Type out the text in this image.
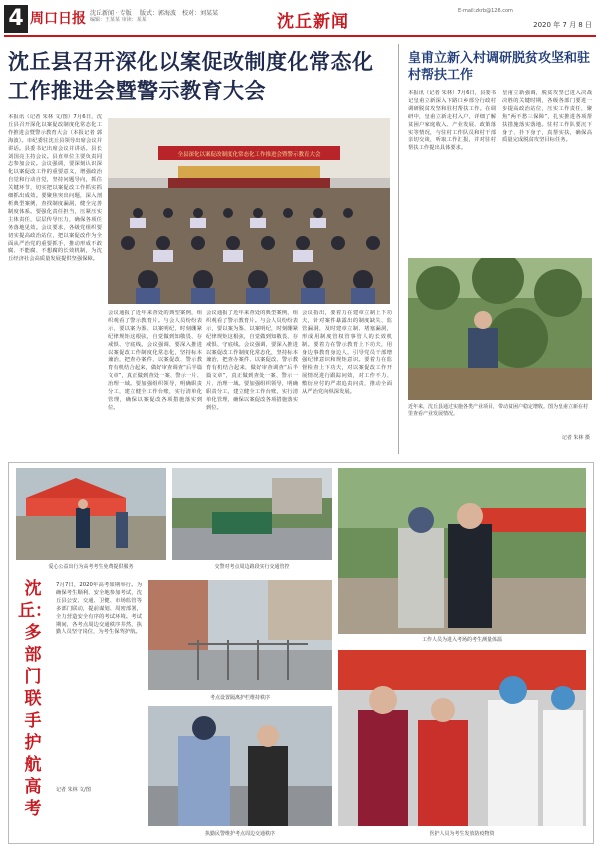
4 周口日报 沈丘新闻 · 专版 版式：郭海波 校对：刘某某
编辑：王某某 审读：某某	沈丘新闻
E-mail:zkrb@126.com
2020 年 7 月 8 日
沈丘县召开深化以案促改制度化常态化工作推进会暨警示教育大会
本报讯（记者 朱林 文/图）7月6日，沈丘县召开深化以案促改制度化常态化工作推进会暨警示教育大会（本报记者 郭海波）。市纪委驻沈丘县领导出席会议并讲话。县委书记出席会议并讲话。县长刘国亮主持会议。县直单位主要负责同志参加会议。会议强调，要深刻认识深化以案促改工作的重要意义，增强政治自觉和行动自觉，坚持问题导向，抓住关键环节，切实把以案促改工作抓实抓细抓出成效。要聚焦突出问题，深入剖析典型案例，查找制度漏洞，健全完善制度体系。要强化责任担当，压紧压实主体责任，层层传导压力，确保各项任务落地见效。会议要求，各级党组织要切实提高政治站位，把以案促改作为全面从严治党的重要抓手，推动形成不敢腐、不能腐、不想腐的长效机制，为沈丘经济社会高质量发展提供坚强保障。
全县深化以案促改制度化常态化工作推进会暨警示教育大会
会议通报了近年来查处的典型案例，组织观看了警示教育片。与会人员纷纷表示，要以案为鉴、以案明纪，时刻绷紧纪律规矩这根弦，自觉做到知敬畏、存戒惧、守底线。会议强调，要深入推进以案促改工作制度化常态化，坚持标本兼治，把查办案件、以案促改、警示教育有机结合起来，做好审查调查“后半篇文章”，真正做到查处一案、警示一片、治理一域。要加强组织领导，明确职责分工，建立健全工作台账，实行清单化管理，确保以案促改各项措施落实到位。
会议通报了近年来查处的典型案例，组织观看了警示教育片。与会人员纷纷表示，要以案为鉴、以案明纪，时刻绷紧纪律规矩这根弦，自觉做到知敬畏、存戒惧、守底线。会议强调，要深入推进以案促改工作制度化常态化，坚持标本兼治，把查办案件、以案促改、警示教育有机结合起来，做好审查调查“后半篇文章”，真正做到查处一案、警示一片、治理一域。要加强组织领导，明确职责分工，建立健全工作台账，实行清单化管理，确保以案促改各项措施落实到位。
会议指出，要着力在建章立制上下功夫，针对案件暴露出的制度缺失、监管漏洞，及时建章立制、堵塞漏洞，形成用制度管权管事管人的长效机制。要着力在警示教育上下功夫，用身边事教育身边人，引导党员干部增强纪律意识和规矩意识。要着力在监督检查上下功夫，对以案促改工作开展情况进行跟踪问效，对工作不力、敷衍应付的严肃追责问责，推动全面从严治党向纵深发展。
皇甫立新入村调研脱贫攻坚和驻村帮扶工作
本报讯（记者 朱林）7月6日，县委书记皇甫立新深入卞路口乡部分行政村调研脱贫攻坚和驻村帮扶工作。在调研中，皇甫立新走村入户，详细了解贫困户家庭收入、产业发展、政策落实等情况，与驻村工作队员和村干部亲切交谈，听取工作汇报，并对驻村帮扶工作提出具体要求。
皇甫立新强调，脱贫攻坚已进入决战决胜的关键时期，各级各部门要进一步提高政治站位，压实工作责任，聚焦“两不愁三保障”，扎实推进各项帮扶措施落实落地。驻村工作队要沉下身子、扑下身子，真帮实扶，确保高质量完成脱贫攻坚目标任务。
近年来，沈丘县通过实施各类产业项目，带动贫困户稳定增收。图为皇甫立新在村里查看产业发展情况。
记者 朱林 摄
爱心公益出行为高考考生免费提供服务	交警对考点周边路段实行交通管控
工作人员为进入考场的考生测量体温
沈丘：多部门联手护航高考
7月7日，2020年高考如期举行。为确保考生顺利、安全地参加考试，沈丘县公安、交通、卫健、市场监管等多部门联动，提前谋划、周密部署，全力营造安全有序的考试环境。考试期间，各考点周边交通秩序井然，执勤人员坚守岗位，为考生保驾护航。
记者 朱林 文/图
考点设置隔离护栏维持秩序
执勤民警维护考点周边交通秩序	医护人员为考生发放防疫物资
